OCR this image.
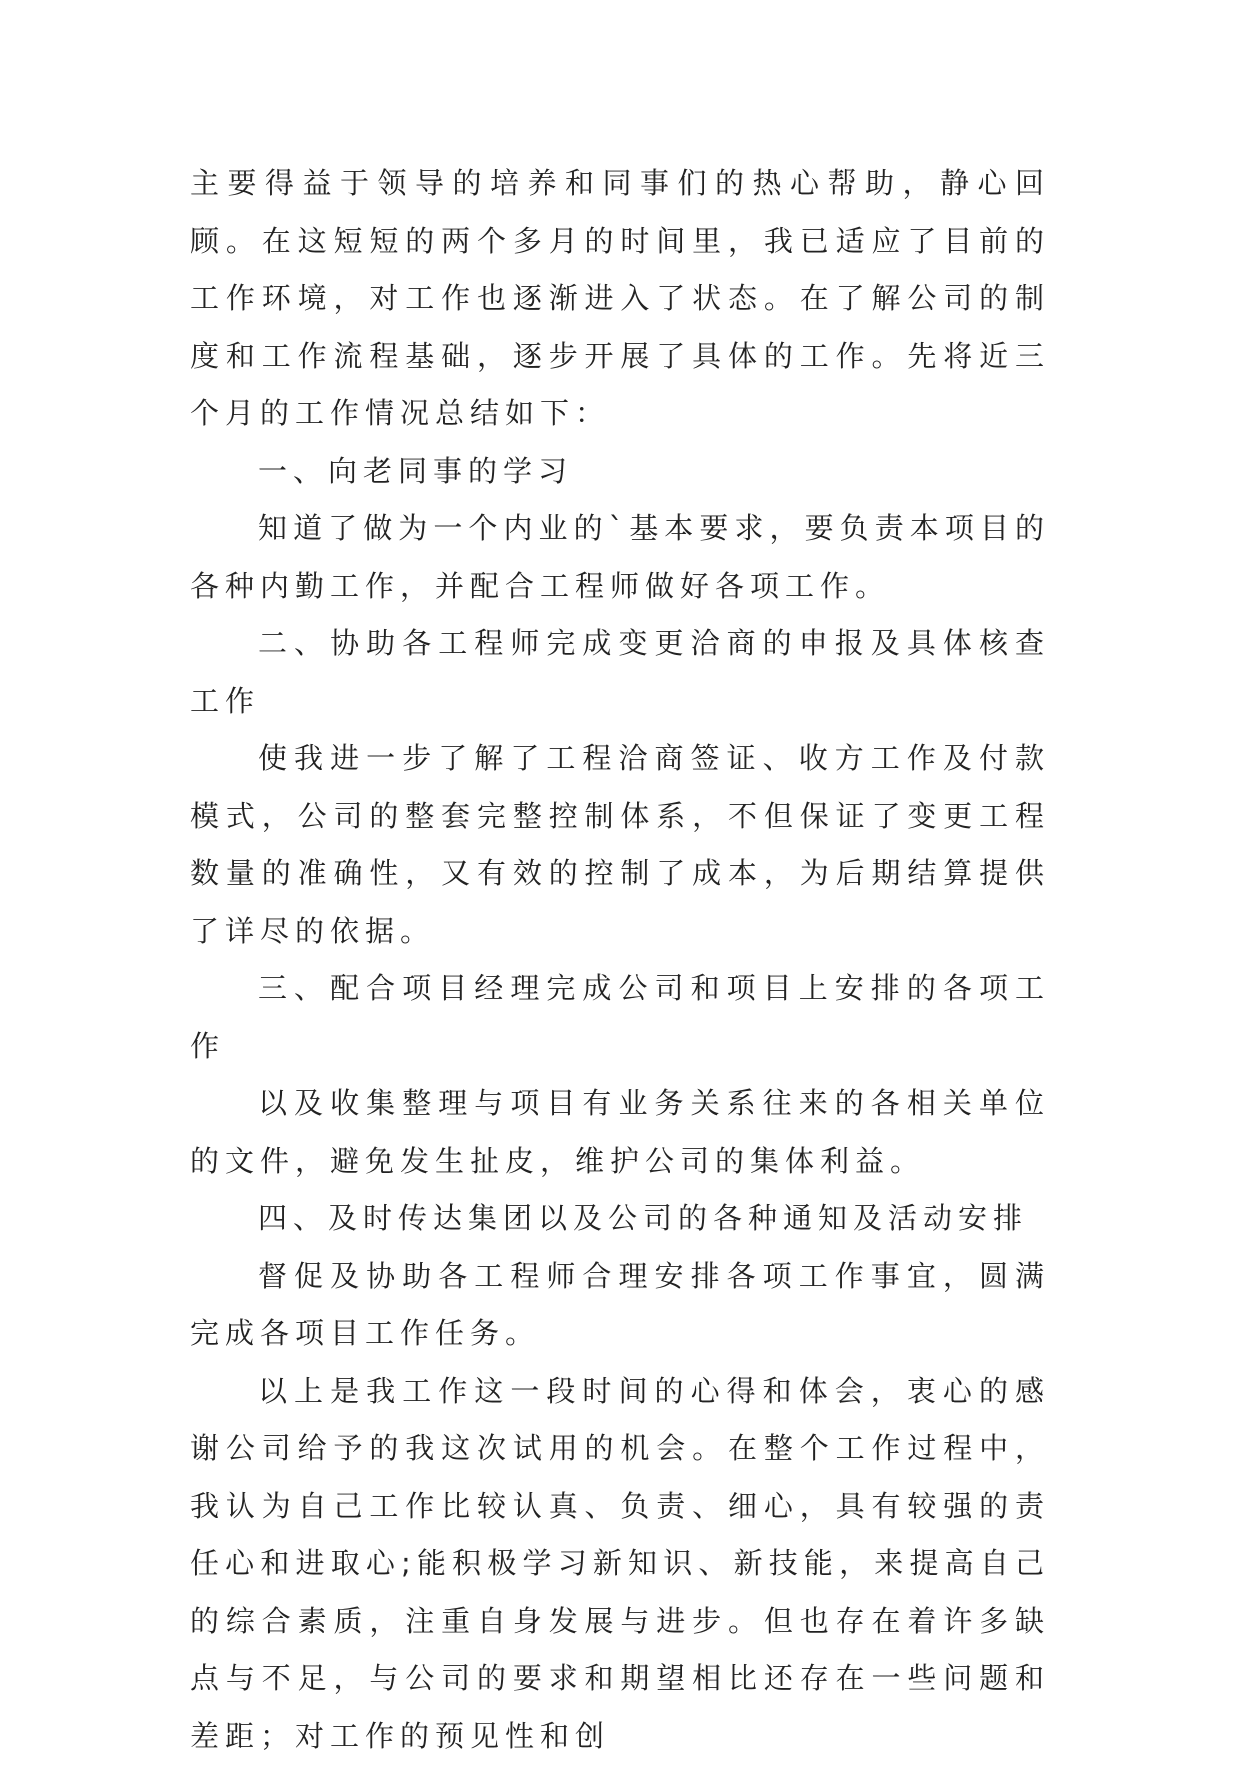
主要得益于领导的培养和同事们的热心帮助，静心回顾。在这短短的两个多月的时间里，我已适应了目前的工作环境，对工作也逐渐进入了状态。在了解公司的制度和工作流程基础，逐步开展了具体的工作。先将近三个月的工作情况总结如下：

一、向老同事的学习

知道了做为一个内业的`基本要求，要负责本项目的各种内勤工作，并配合工程师做好各项工作。

二、协助各工程师完成变更洽商的申报及具体核查工作

使我进一步了解了工程洽商签证、收方工作及付款模式，公司的整套完整控制体系，不但保证了变更工程数量的准确性，又有效的控制了成本，为后期结算提供了详尽的依据。

三、配合项目经理完成公司和项目上安排的各项工作

以及收集整理与项目有业务关系往来的各相关单位的文件，避免发生扯皮，维护公司的集体利益。

四、及时传达集团以及公司的各种通知及活动安排

督促及协助各工程师合理安排各项工作事宜，圆满完成各项目工作任务。

以上是我工作这一段时间的心得和体会，衷心的感谢公司给予的我这次试用的机会。在整个工作过程中，我认为自己工作比较认真、负责、细心，具有较强的责任心和进取心;能积极学习新知识、新技能，来提高自己的综合素质，注重自身发展与进步。但也存在着许多缺点与不足，与公司的要求和期望相比还存在一些问题和差距；对工作的预见性和创
